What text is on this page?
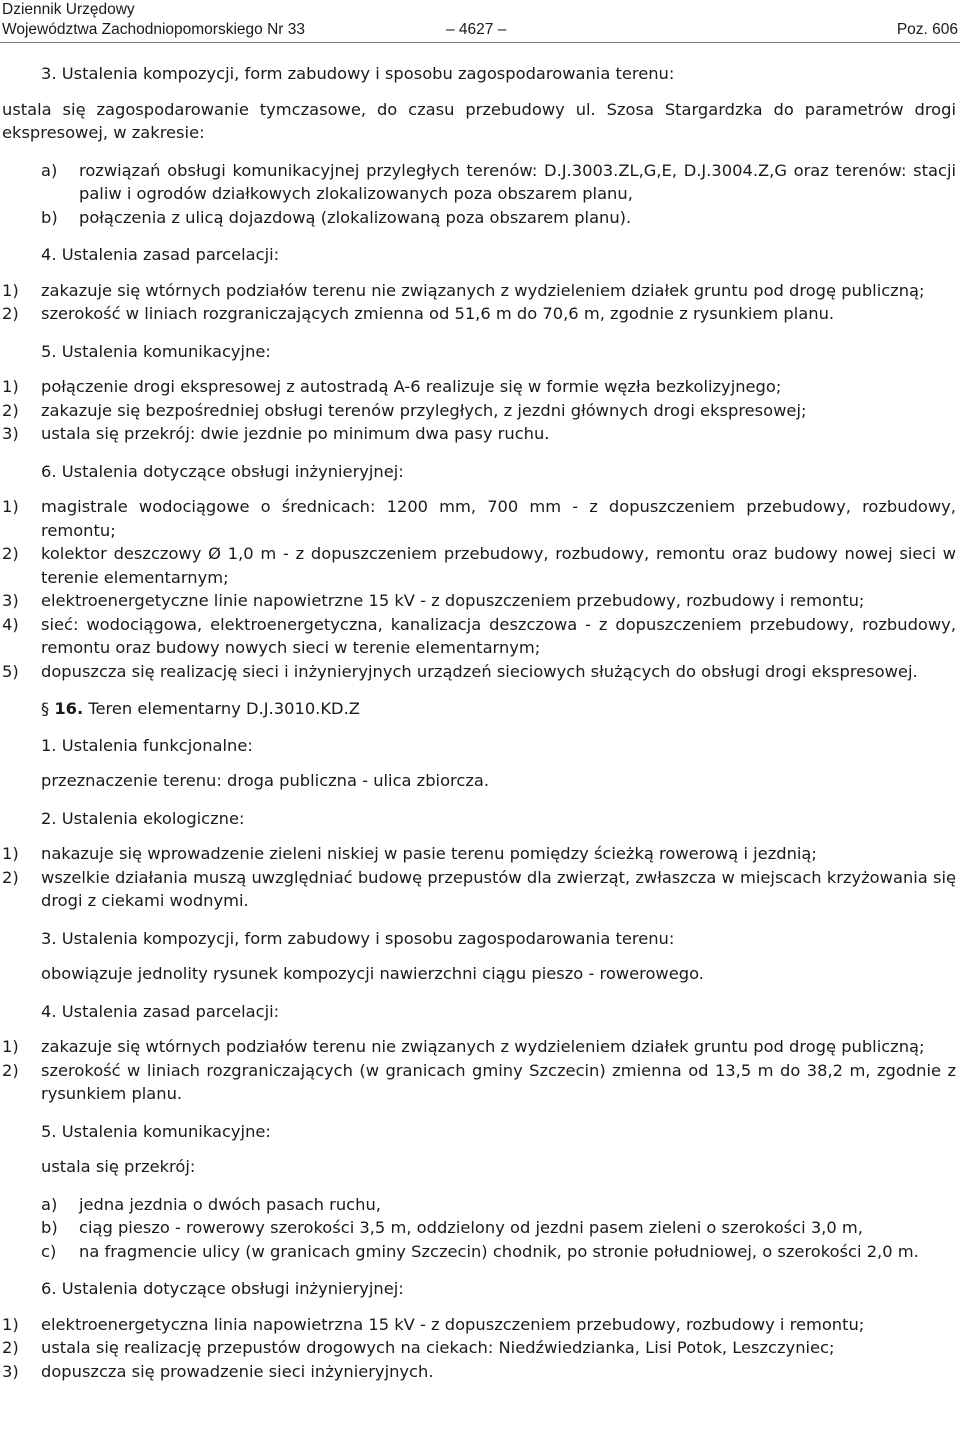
Dziennik Urzędowy
Województwa Zachodniopomorskiego Nr 33	– 4627 –	Poz. 606
3. Ustalenia kompozycji, form zabudowy i sposobu zagospodarowania terenu:
ustala się zagospodarowanie tymczasowe, do czasu przebudowy ul. Szosa Stargardzka do parametrów drogi ekspresowej, w zakresie:
a) rozwiązań obsługi komunikacyjnej przyległych terenów: D.J.3003.ZL,G,E, D.J.3004.Z,G oraz terenów: stacji paliw i ogrodów działkowych zlokalizowanych poza obszarem planu,
b) połączenia z ulicą dojazdową (zlokalizowaną poza obszarem planu).
4. Ustalenia zasad parcelacji:
1) zakazuje się wtórnych podziałów terenu nie związanych z wydzieleniem działek gruntu pod drogę publiczną;
2) szerokość w liniach rozgraniczających zmienna od 51,6 m do 70,6 m, zgodnie z rysunkiem planu.
5. Ustalenia komunikacyjne:
1) połączenie drogi ekspresowej z autostradą A-6 realizuje się w formie węzła bezkolizyjnego;
2) zakazuje się bezpośredniej obsługi terenów przyległych, z jezdni głównych drogi ekspresowej;
3) ustala się przekrój: dwie jezdnie po minimum dwa pasy ruchu.
6. Ustalenia dotyczące obsługi inżynieryjnej:
1) magistrale wodociągowe o średnicach: 1200 mm, 700 mm - z dopuszczeniem przebudowy, rozbudowy, remontu;
2) kolektor deszczowy Ø 1,0 m - z dopuszczeniem przebudowy, rozbudowy, remontu oraz budowy nowej sieci w terenie elementarnym;
3) elektroenergetyczne linie napowietrzne 15 kV - z dopuszczeniem przebudowy, rozbudowy i remontu;
4) sieć: wodociągowa, elektroenergetyczna, kanalizacja deszczowa - z dopuszczeniem przebudowy, rozbudowy, remontu oraz budowy nowych sieci w terenie elementarnym;
5) dopuszcza się realizację sieci i inżynieryjnych urządzeń sieciowych służących do obsługi drogi ekspresowej.
§ 16. Teren elementarny D.J.3010.KD.Z
1. Ustalenia funkcjonalne:
przeznaczenie terenu: droga publiczna - ulica zbiorcza.
2. Ustalenia ekologiczne:
1) nakazuje się wprowadzenie zieleni niskiej w pasie terenu pomiędzy ścieżką rowerową i jezdnią;
2) wszelkie działania muszą uwzględniać budowę przepustów dla zwierząt, zwłaszcza w miejscach krzyżowania się drogi z ciekami wodnymi.
3. Ustalenia kompozycji, form zabudowy i sposobu zagospodarowania terenu:
obowiązuje jednolity rysunek kompozycji nawierzchni ciągu pieszo - rowerowego.
4. Ustalenia zasad parcelacji:
1) zakazuje się wtórnych podziałów terenu nie związanych z wydzieleniem działek gruntu pod drogę publiczną;
2) szerokość w liniach rozgraniczających (w granicach gminy Szczecin) zmienna od 13,5 m do 38,2 m, zgodnie z rysunkiem planu.
5. Ustalenia komunikacyjne:
ustala się przekrój:
a) jedna jezdnia o dwóch pasach ruchu,
b) ciąg pieszo - rowerowy szerokości 3,5 m, oddzielony od jezdni pasem zieleni o szerokości 3,0 m,
c) na fragmencie ulicy (w granicach gminy Szczecin) chodnik, po stronie południowej, o szerokości 2,0 m.
6. Ustalenia dotyczące obsługi inżynieryjnej:
1) elektroenergetyczna linia napowietrzna 15 kV - z dopuszczeniem przebudowy, rozbudowy i remontu;
2) ustala się realizację przepustów drogowych na ciekach: Niedźwiedzianka, Lisi Potok, Leszczyniec;
3) dopuszcza się prowadzenie sieci inżynieryjnych.
